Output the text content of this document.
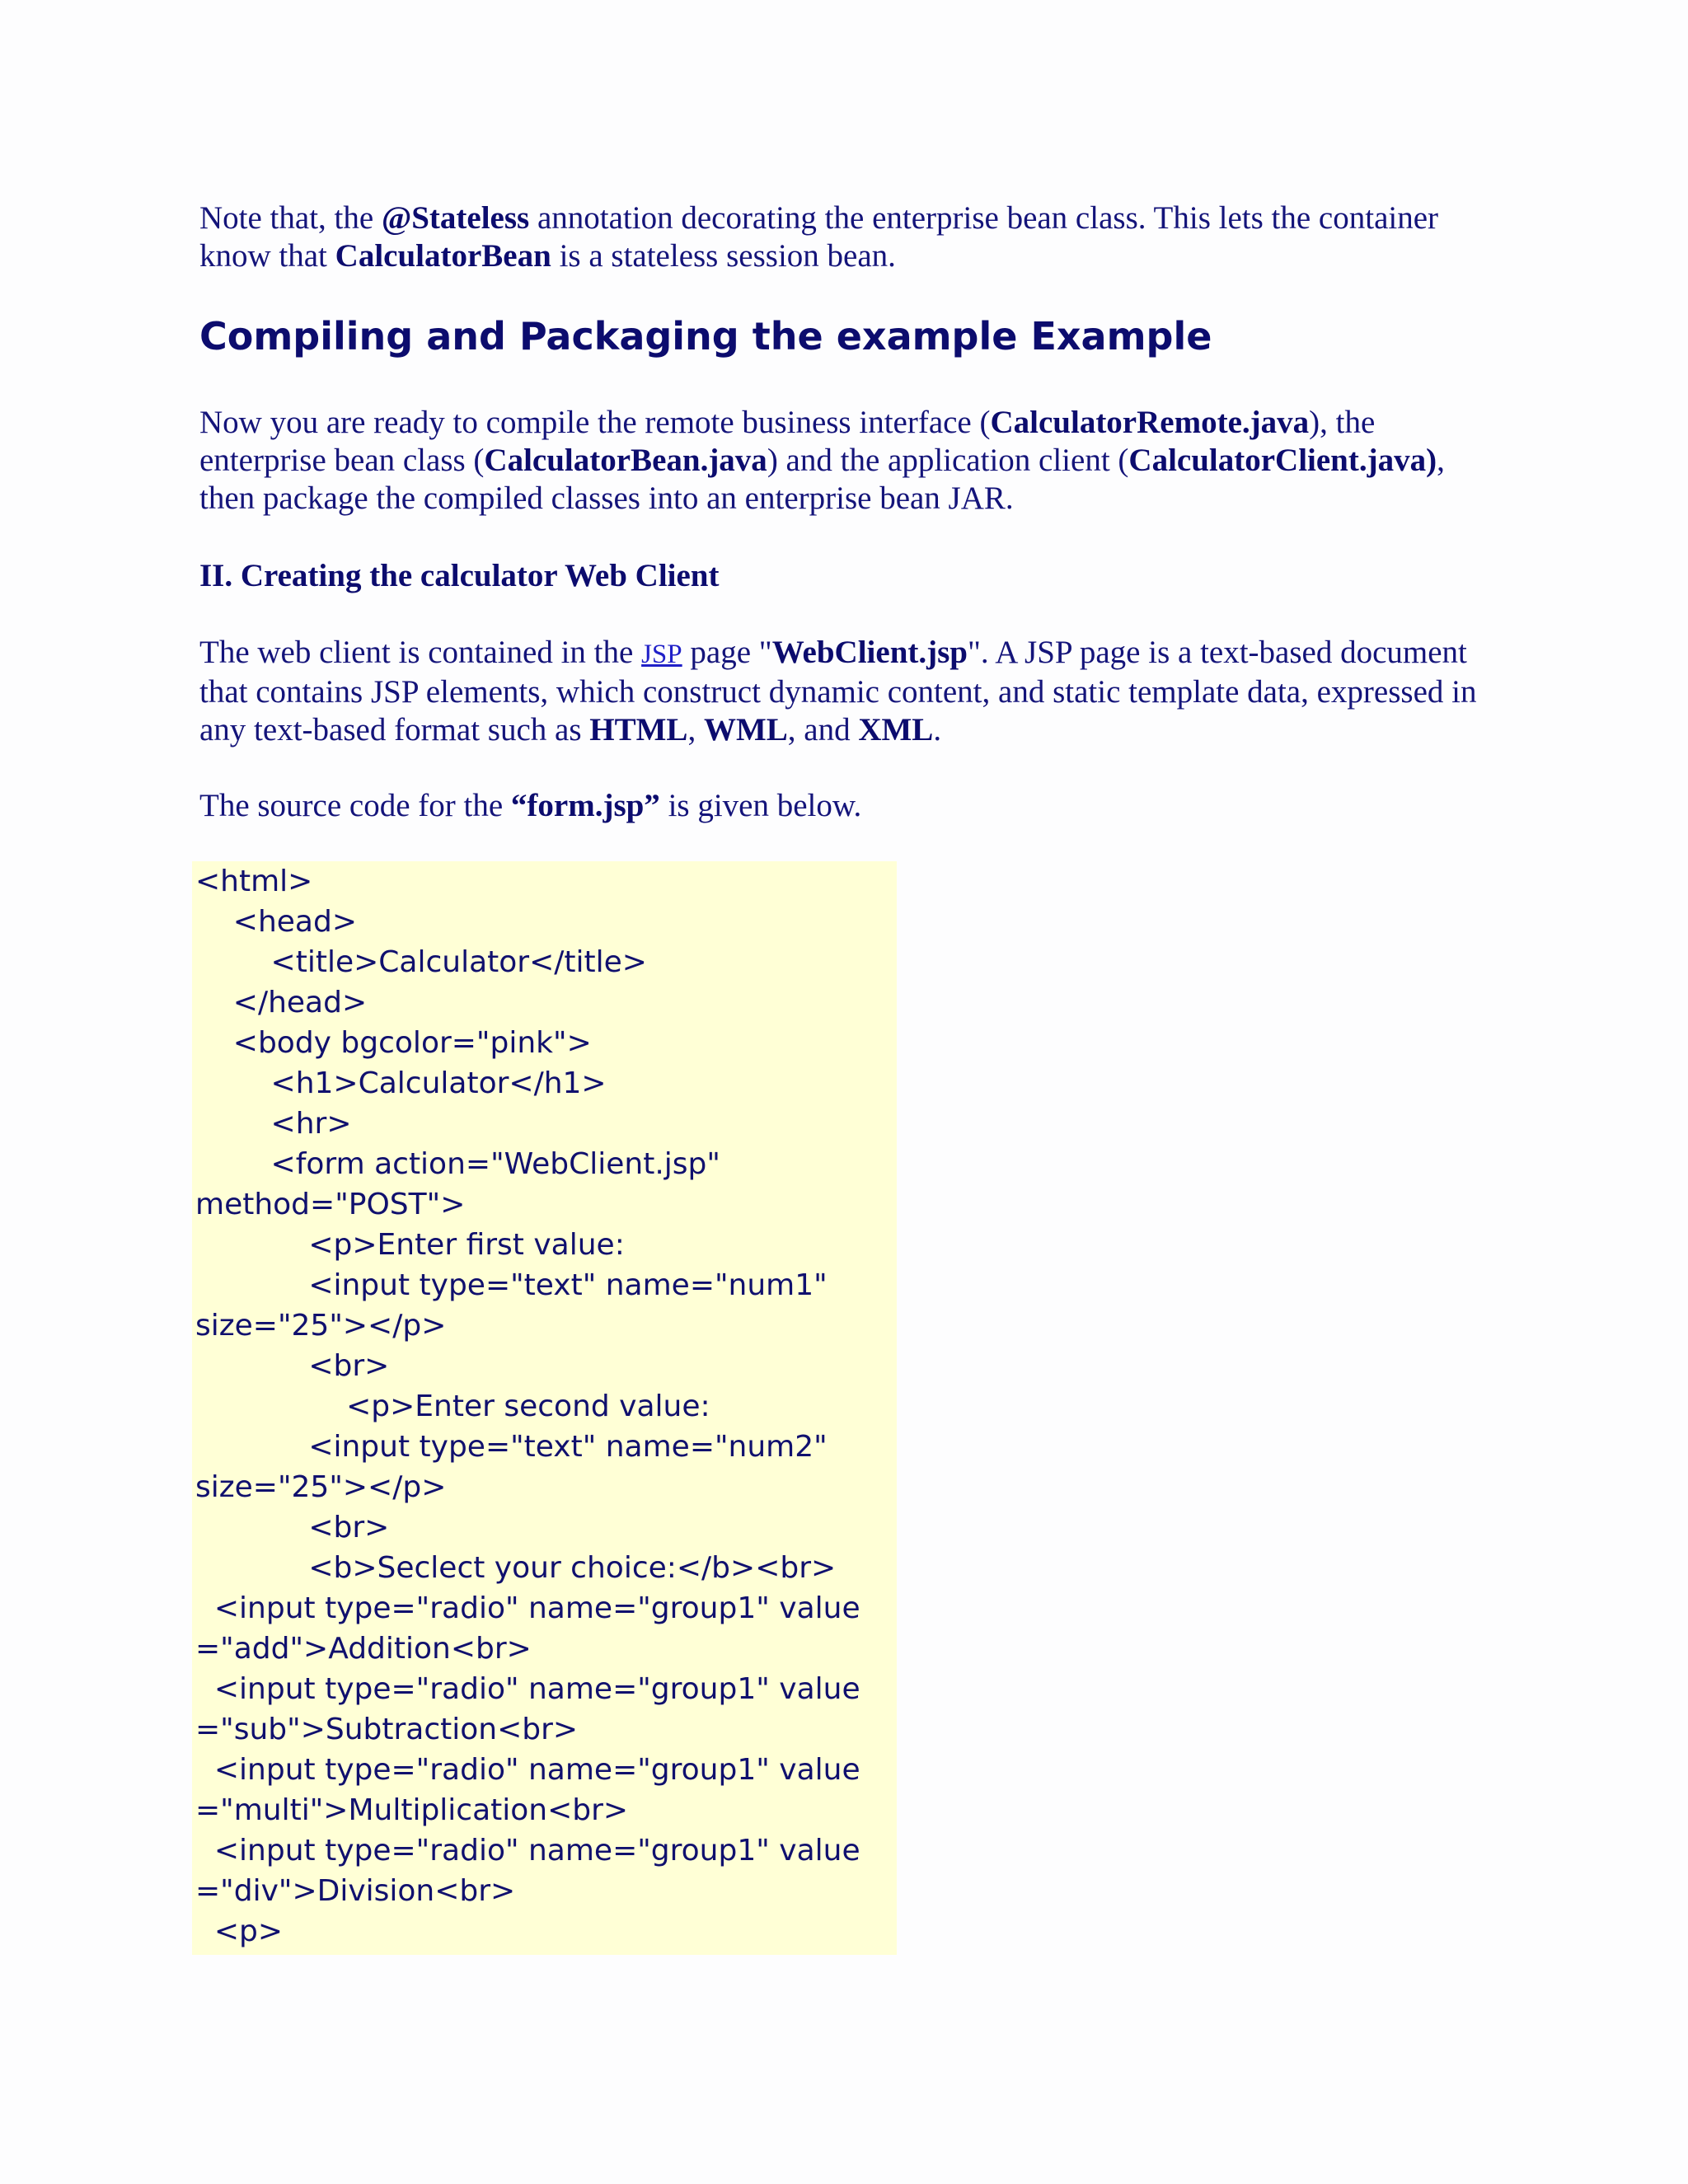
Note that, the @Stateless annotation decorating the enterprise bean class. This lets the container know that CalculatorBean is a stateless session bean.

Compiling and Packaging the example Example

Now you are ready to compile the remote business interface (CalculatorRemote.java), the enterprise bean class (CalculatorBean.java) and the application client (CalculatorClient.java), then package the compiled classes into an enterprise bean JAR.

II. Creating the calculator Web Client

The web client is contained in the JSP page "WebClient.jsp". A JSP page is a text-based document that contains JSP elements, which construct dynamic content, and static template data, expressed in any text-based format such as HTML, WML, and XML.

The source code for the “form.jsp” is given below.

<html>
<head>
<title>Calculator</title>
</head>
<body bgcolor="pink">
<h1>Calculator</h1>
<hr>
<form action="WebClient.jsp"
method="POST">
<p>Enter first value:
<input type="text" name="num1"
size="25"></p>
<br>
<p>Enter second value:
<input type="text" name="num2"
size="25"></p>
<br>
<b>Seclect your choice:</b><br>
<input type="radio" name="group1" value
="add">Addition<br>
<input type="radio" name="group1" value
="sub">Subtraction<br>
<input type="radio" name="group1" value
="multi">Multiplication<br>
<input type="radio" name="group1" value
="div">Division<br>
<p>
